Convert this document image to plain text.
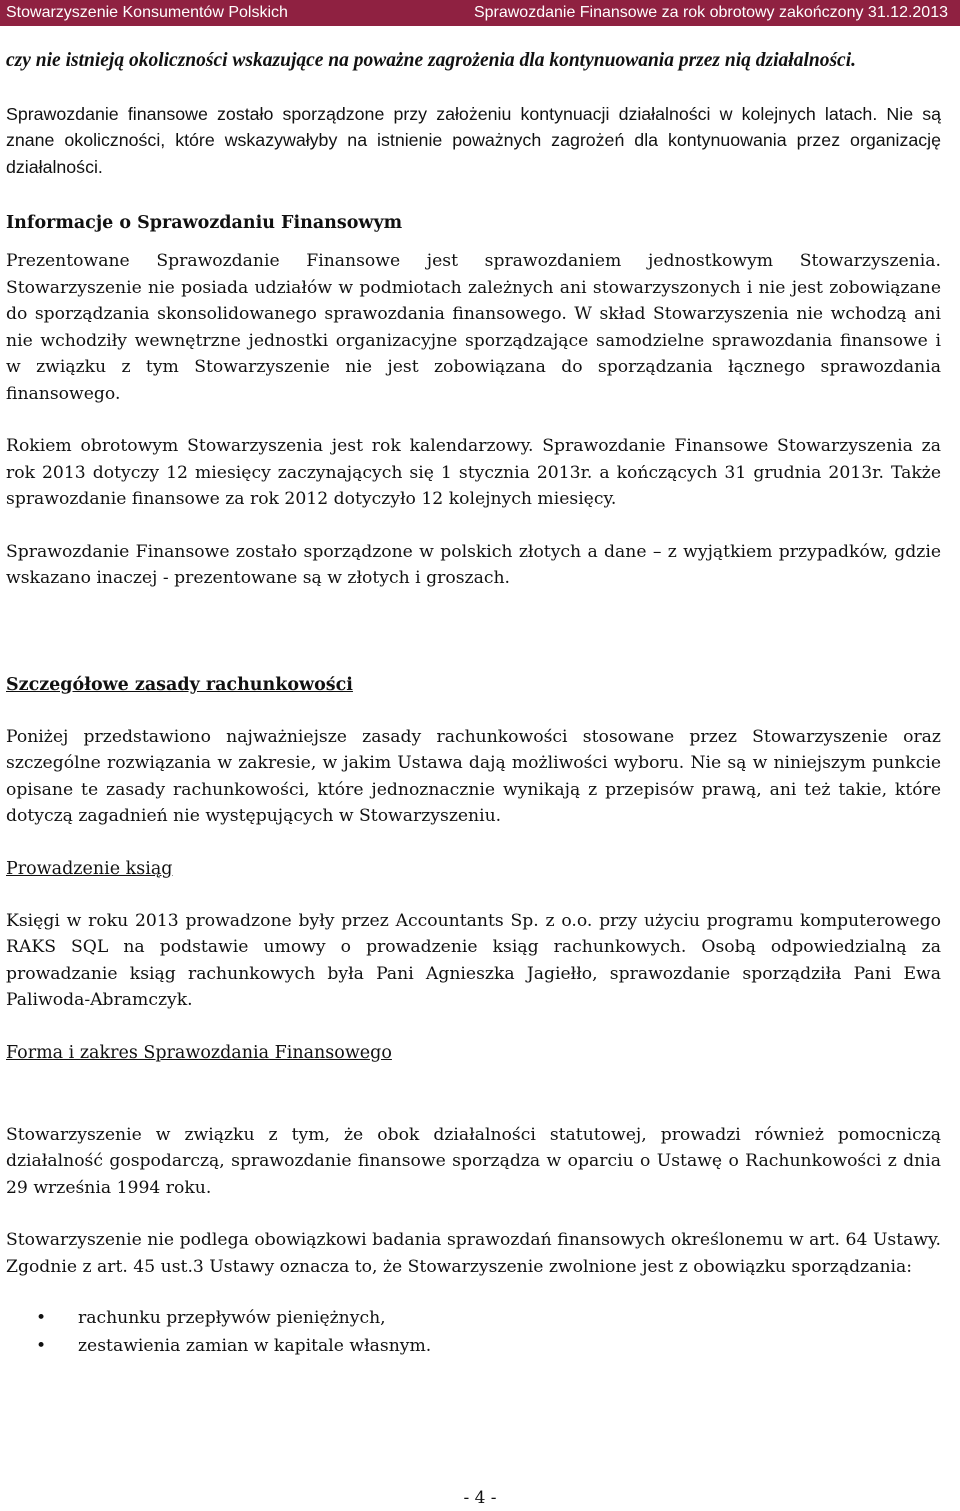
Stowarzyszenie Konsumentów Polskich	Sprawozdanie Finansowe za rok obrotowy zakończony 31.12.2013

czy nie istnieją okoliczności wskazujące na poważne zagrożenia dla kontynuowania przez nią działalności.

Sprawozdanie finansowe zostało sporządzone przy założeniu kontynuacji działalności w kolejnych latach. Nie są znane okoliczności, które wskazywałyby na istnienie poważnych zagrożeń dla kontynuowania przez organizację działalności.

Informacje o Sprawozdaniu Finansowym

Prezentowane Sprawozdanie Finansowe jest sprawozdaniem jednostkowym Stowarzyszenia. Stowarzyszenie nie posiada udziałów w podmiotach zależnych ani stowarzyszonych i nie jest zobowiązane do sporządzania skonsolidowanego sprawozdania finansowego. W skład Stowarzyszenia nie wchodzą ani nie wchodziły wewnętrzne jednostki organizacyjne sporządzające samodzielne sprawozdania finansowe i w związku z tym Stowarzyszenie nie jest zobowiązana do sporządzania łącznego sprawozdania finansowego.

Rokiem obrotowym Stowarzyszenia jest rok kalendarzowy. Sprawozdanie Finansowe Stowarzyszenia za rok 2013 dotyczy 12 miesięcy zaczynających się 1 stycznia 2013r. a kończących 31 grudnia 2013r. Także sprawozdanie finansowe za rok 2012 dotyczyło 12 kolejnych miesięcy.

Sprawozdanie Finansowe zostało sporządzone w polskich złotych a dane – z wyjątkiem przypadków, gdzie wskazano inaczej - prezentowane są w złotych i groszach.

Szczegółowe zasady rachunkowości

Poniżej przedstawiono najważniejsze zasady rachunkowości stosowane przez Stowarzyszenie oraz szczególne rozwiązania w zakresie, w jakim Ustawa dają możliwości wyboru. Nie są w niniejszym punkcie opisane te zasady rachunkowości, które jednoznacznie wynikają z przepisów prawą, ani też takie, które dotyczą zagadnień nie występujących w Stowarzyszeniu.

Prowadzenie ksiąg

Księgi w roku 2013 prowadzone były przez Accountants Sp. z o.o. przy użyciu programu komputerowego RAKS SQL na podstawie umowy o prowadzenie ksiąg rachunkowych. Osobą odpowiedzialną za prowadzanie ksiąg rachunkowych była Pani Agnieszka Jagiełło, sprawozdanie sporządziła Pani Ewa Paliwoda-Abramczyk.

Forma i zakres Sprawozdania Finansowego

Stowarzyszenie w związku z tym, że obok działalności statutowej, prowadzi również pomocniczą działalność gospodarczą, sprawozdanie finansowe sporządza w oparciu o Ustawę o Rachunkowości z dnia 29 września 1994 roku.

Stowarzyszenie nie podlega obowiązkowi badania sprawozdań finansowych określonemu w art. 64 Ustawy. Zgodnie z art. 45 ust.3 Ustawy oznacza to, że Stowarzyszenie zwolnione jest z obowiązku sporządzania:

• rachunku przepływów pieniężnych,
• zestawienia zamian w kapitale własnym.
- 4 -
